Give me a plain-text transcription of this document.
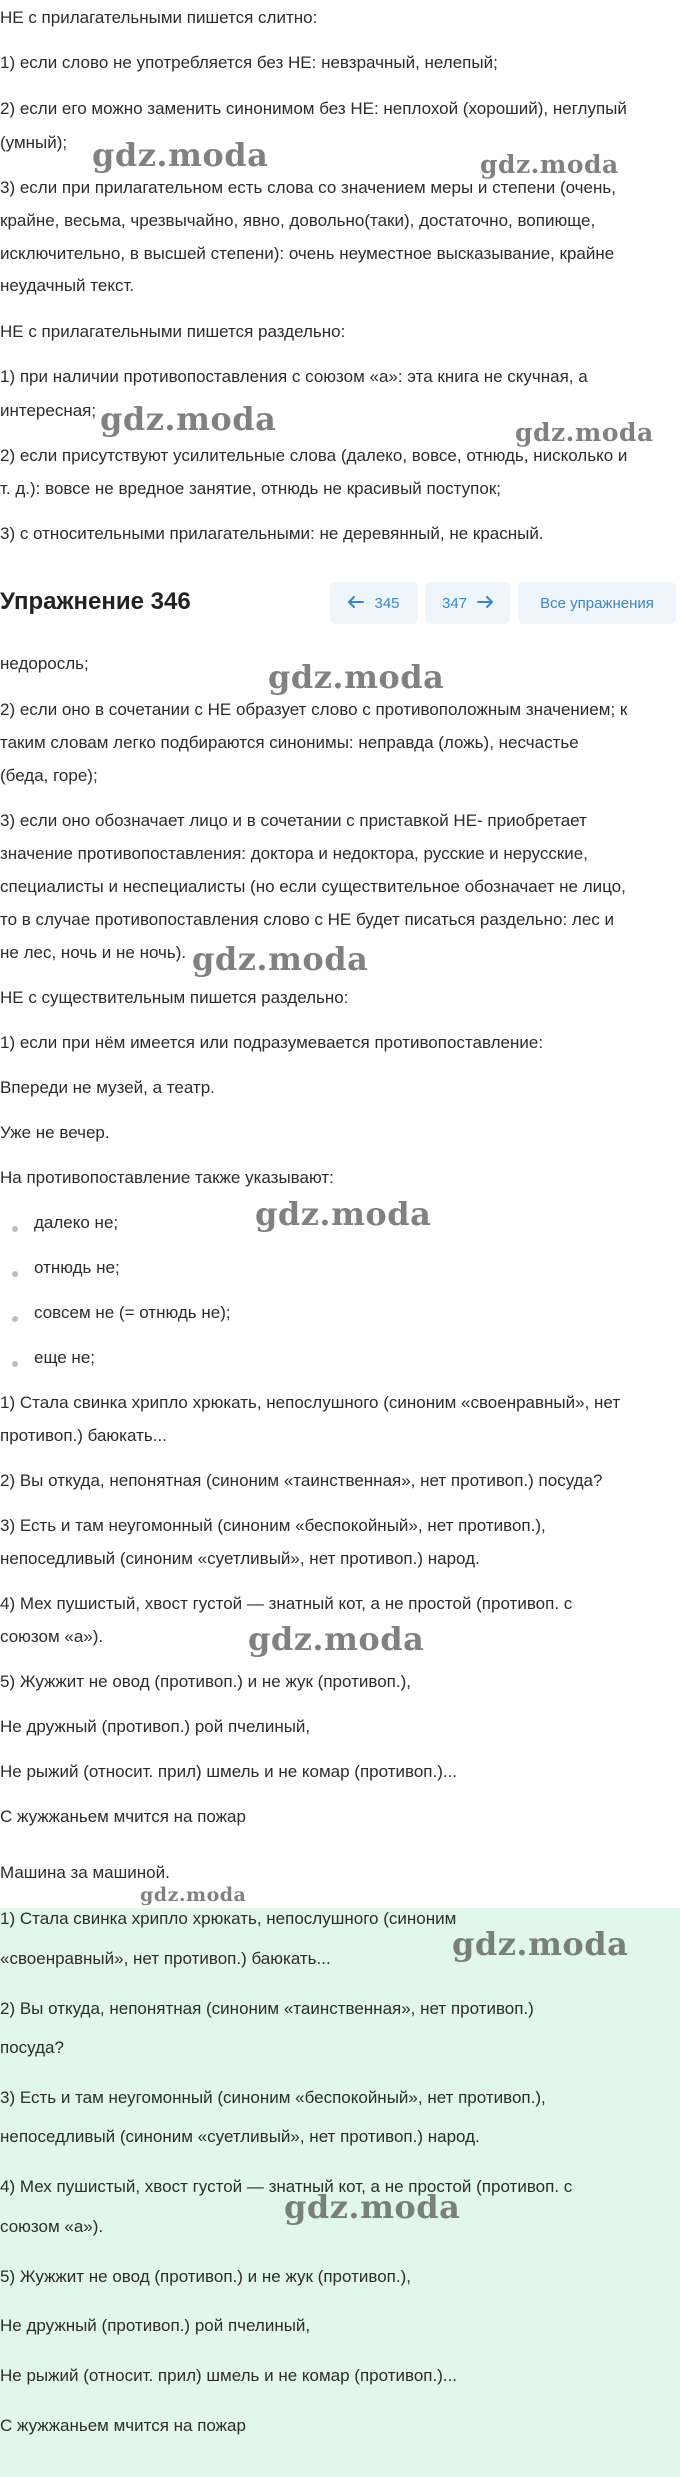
НЕ с прилагательными пишется слитно:

1) если слово не употребляется без НЕ: невзрачный, нелепый;

2) если его можно заменить синонимом без НЕ: неплохой (хороший), неглупый

(умный);

3) если при прилагательном есть слова со значением меры и степени (очень,

крайне, весьма, чрезвычайно, явно, довольно(таки), достаточно, вопиюще,

исключительно, в высшей степени): очень неуместное высказывание, крайне

неудачный текст.

НЕ с прилагательными пишется раздельно:

1) при наличии противопоставления с союзом «а»: эта книга не скучная, а

интересная;

2) если присутствуют усилительные слова (далеко, вовсе, отнюдь, нисколько и

т. д.): вовсе не вредное занятие, отнюдь не красивый поступок;

3) с относительными прилагательными: не деревянный, не красный.

Упражнение 346	345	347	Все упражнения

недоросль;

2) если оно в сочетании с НЕ образует слово с противоположным значением; к

таким словам легко подбираются синонимы: неправда (ложь), несчастье

(беда, горе);

3) если оно обозначает лицо и в сочетании с приставкой НЕ- приобретает

значение противопоставления: доктора и недоктора, русские и нерусские,

специалисты и неспециалисты (но если существительное обозначает не лицо,

то в случае противопоставления слово с НЕ будет писаться раздельно: лес и

не лес, ночь и не ночь).

НЕ с существительным пишется раздельно:

1) если при нём имеется или подразумевается противопоставление:

Впереди не музей, а театр.

Уже не вечер.

На противопоставление также указывают:

далеко не;

отнюдь не;

совсем не (= отнюдь не);

еще не;

1) Стала свинка хрипло хрюкать, непослушного (синоним «своенравный», нет

противоп.) баюкать...

2) Вы откуда, непонятная (синоним «таинственная», нет противоп.) посуда?

3) Есть и там неугомонный (синоним «беспокойный», нет противоп.),

непоседливый (синоним «суетливый», нет противоп.) народ.

4) Мех пушистый, хвост густой — знатный кот, а не простой (противоп. с

союзом «а»).

5) Жужжит не овод (противоп.) и не жук (противоп.),

Не дружный (противоп.) рой пчелиный,

Не рыжий (относит. прил) шмель и не комар (противоп.)...

С жужжаньем мчится на пожар

Машина за машиной.

1) Стала свинка хрипло хрюкать, непослушного (синоним

«своенравный», нет противоп.) баюкать...

2) Вы откуда, непонятная (синоним «таинственная», нет противоп.)

посуда?

3) Есть и там неугомонный (синоним «беспокойный», нет противоп.),

непоседливый (синоним «суетливый», нет противоп.) народ.

4) Мех пушистый, хвост густой — знатный кот, а не простой (противоп. с

союзом «а»).

5) Жужжит не овод (противоп.) и не жук (противоп.),

Не дружный (противоп.) рой пчелиный,

Не рыжий (относит. прил) шмель и не комар (противоп.)...

С жужжаньем мчится на пожар

gdz.moda	gdz.moda
gdz.moda	gdz.moda
gdz.moda
gdz.moda
gdz.moda
gdz.moda
gdz.moda
gdz.moda
gdz.moda
